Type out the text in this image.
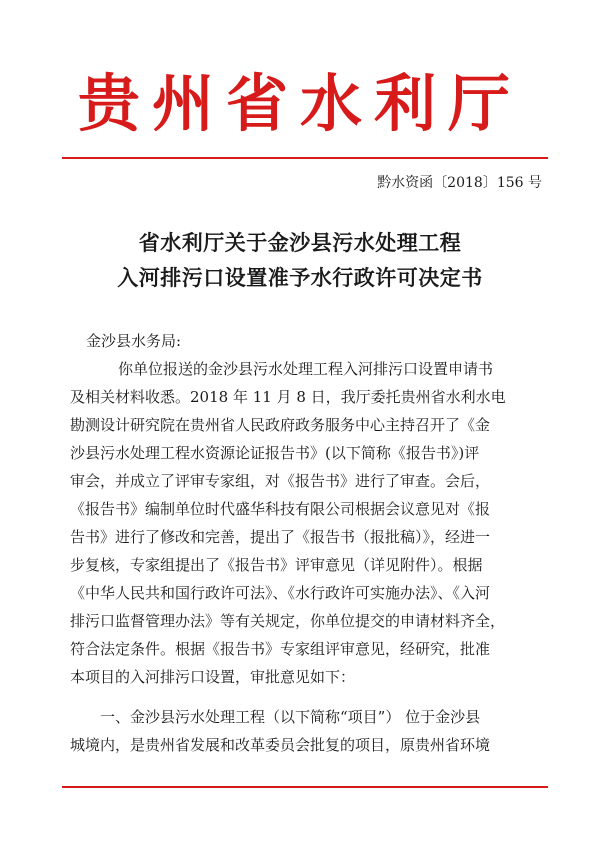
贵州省水利厅
黔水资函〔2018〕156 号
省水利厅关于金沙县污水处理工程
入河排污口设置准予水行政许可决定书
金沙县水务局:
你单位报送的金沙县污水处理工程入河排污口设置申请书
及相关材料收悉。2018 年 11 月 8 日，我厅委托贵州省水利水电
勘测设计研究院在贵州省人民政府政务服务中心主持召开了《金
沙县污水处理工程水资源论证报告书》(以下简称《报告书》)评
审会，并成立了评审专家组，对《报告书》进行了审查。会后，
《报告书》编制单位时代盛华科技有限公司根据会议意见对《报
告书》进行了修改和完善，提出了《报告书（报批稿）》，经进一
步复核，专家组提出了《报告书》评审意见（详见附件）。根据
《中华人民共和国行政许可法》、《水行政许可实施办法》、《入河
排污口监督管理办法》等有关规定，你单位提交的申请材料齐全，
符合法定条件。根据《报告书》专家组评审意见，经研究，批准
本项目的入河排污口设置，审批意见如下：
一、金沙县污水处理工程（以下简称“项目”） 位于金沙县
城境内，是贵州省发展和改革委员会批复的项目，原贵州省环境
